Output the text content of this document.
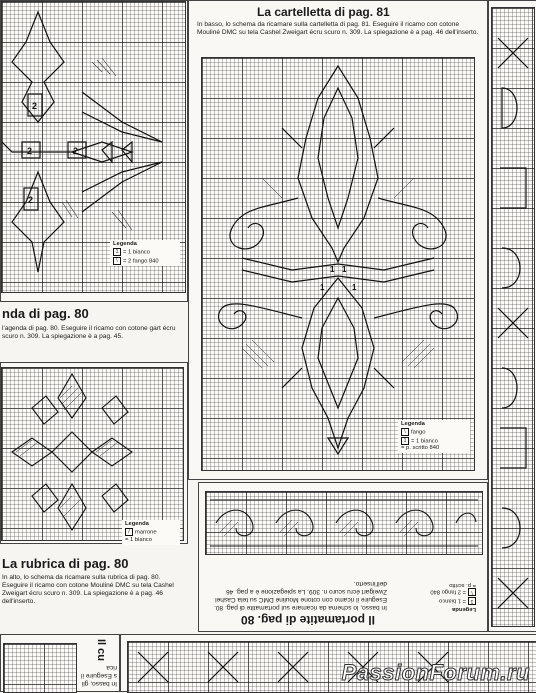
2
2	2
2
Legenda
1 = 1 bianco
\ = 2 fango 840
nda di pag. 80
l'agenda di pag. 80. Eseguire il ricamo con cotone gart écru scuro n. 309. La spiegazione è a pag. 45.
Legenda
/ marrone
= 1 bianco
La rubrica di pag. 80
In alto, lo schema da ricamare sulla rubrica di pag. 80. Eseguire il ricamo con cotone Mouliné DMC su tela Cashel Zweigart écru scuro n. 309. La spiegazione è a pag. 46 dell'inserto.
La cartelletta di pag. 81
In basso, lo schema da ricamare sulla cartelletta di pag. 81. Eseguire il ricamo con cotone Mouliné DMC su tela Cashel Zweigart écru scuro n. 309. La spiegazione è a pag. 46 dell'inserto.
1 1
1	1
Legenda
\ fango
1 = 1 bianco
= p. scritto 840
Il portamatite di pag. 80
In basso, lo schema da ricamare sul portamatite di pag. 80. Eseguire il ricamo con cotone Mouliné DMC su tela Cashel Zweigart écru scuro n. 309. La spiegazione è a pag. 46 dell'inserto.
Legenda
1= 1 bianco
\= 2 fango 840
= p. scritto
In basso, gli s Eseguire il rica
Il cu
PassionForum.ru
